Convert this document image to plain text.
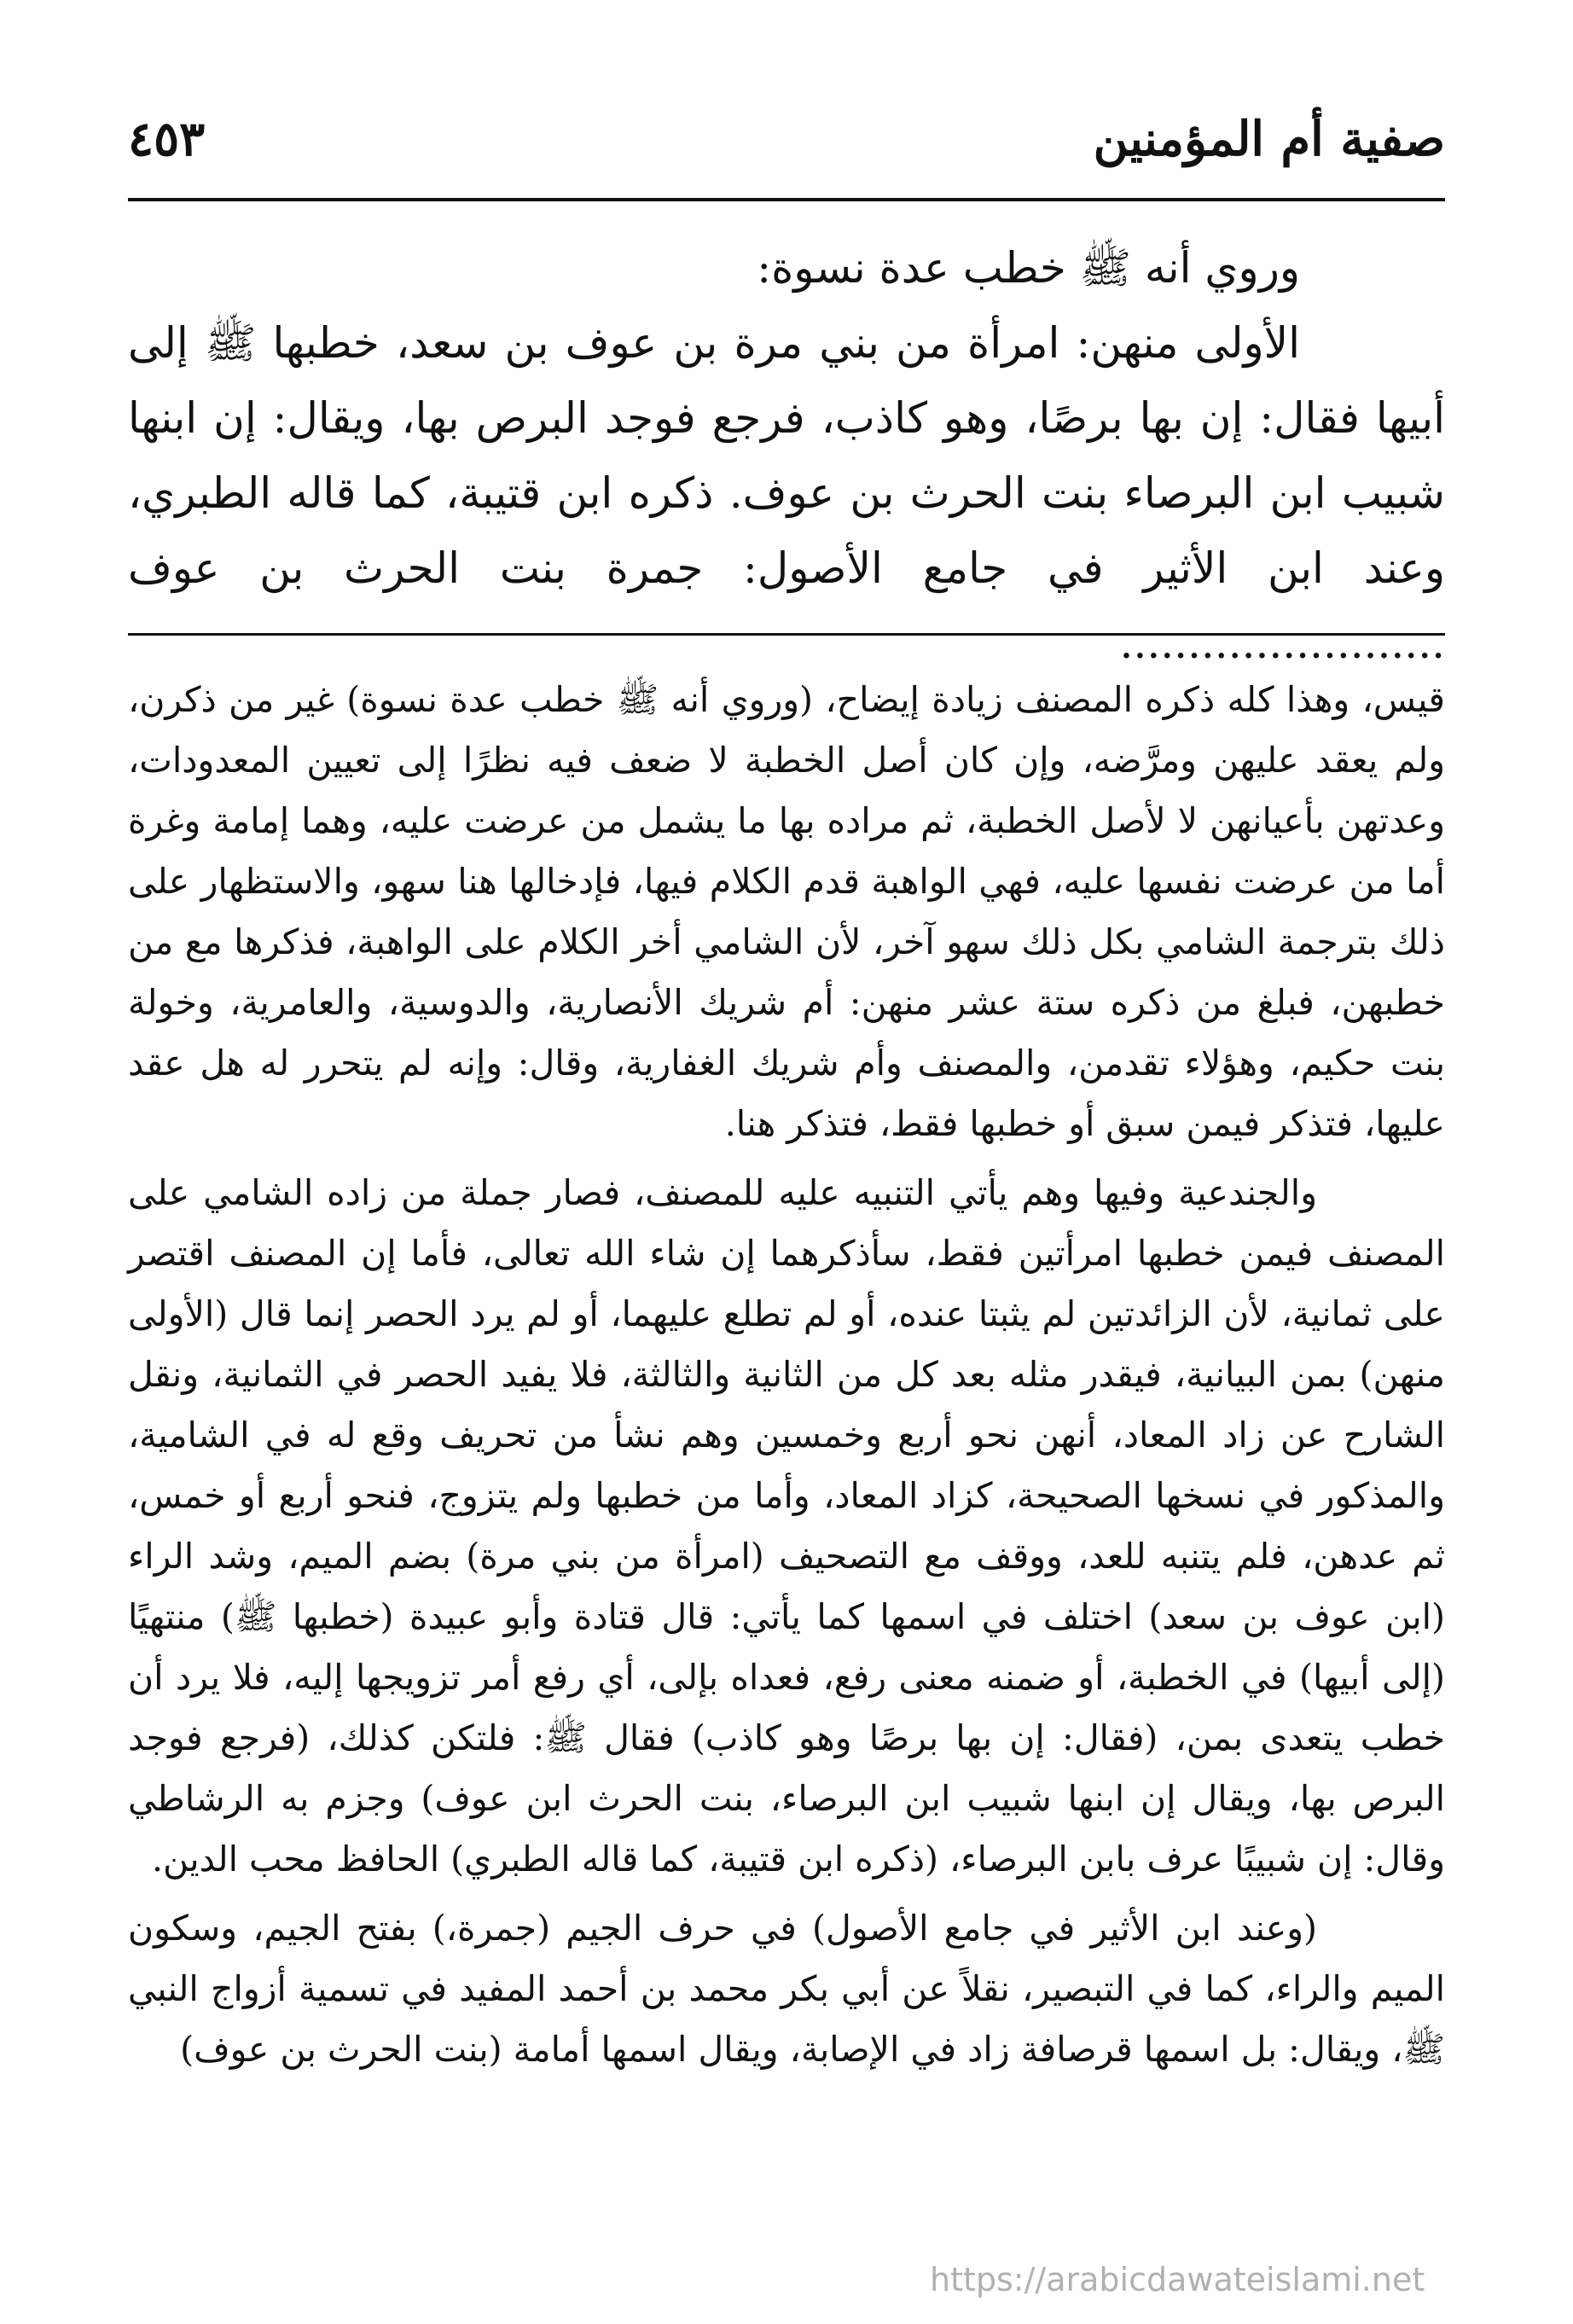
صفية أم المؤمنين
٤٥٣

وروي أنه ﷺ خطب عدة نسوة:

الأولى منهن: امرأة من بني مرة بن عوف بن سعد، خطبها ﷺ إلى أبيها فقال: إن بها برصًا، وهو كاذب، فرجع فوجد البرص بها، ويقال: إن ابنها شبيب ابن البرصاء بنت الحرث بن عوف. ذكره ابن قتيبة، كما قاله الطبري، وعند ابن الأثير في جامع الأصول: جمرة بنت الحرث بن عوف ........................

قيس، وهذا كله ذكره المصنف زيادة إيضاح، (وروي أنه ﷺ خطب عدة نسوة) غير من ذكرن، ولم يعقد عليهن ومرَّضه، وإن كان أصل الخطبة لا ضعف فيه نظرًا إلى تعيين المعدودات، وعدتهن بأعيانهن لا لأصل الخطبة، ثم مراده بها ما يشمل من عرضت عليه، وهما إمامة وغرة أما من عرضت نفسها عليه، فهي الواهبة قدم الكلام فيها، فإدخالها هنا سهو، والاستظهار على ذلك بترجمة الشامي بكل ذلك سهو آخر، لأن الشامي أخر الكلام على الواهبة، فذكرها مع من خطبهن، فبلغ من ذكره ستة عشر منهن: أم شريك الأنصارية، والدوسية، والعامرية، وخولة بنت حكيم، وهؤلاء تقدمن، والمصنف وأم شريك الغفارية، وقال: وإنه لم يتحرر له هل عقد عليها، فتذكر فيمن سبق أو خطبها فقط، فتذكر هنا.

والجندعية وفيها وهم يأتي التنبيه عليه للمصنف، فصار جملة من زاده الشامي على المصنف فيمن خطبها امرأتين فقط، سأذكرهما إن شاء الله تعالى، فأما إن المصنف اقتصر على ثمانية، لأن الزائدتين لم يثبتا عنده، أو لم تطلع عليهما، أو لم يرد الحصر إنما قال (الأولى منهن) بمن البيانية، فيقدر مثله بعد كل من الثانية والثالثة، فلا يفيد الحصر في الثمانية، ونقل الشارح عن زاد المعاد، أنهن نحو أربع وخمسين وهم نشأ من تحريف وقع له في الشامية، والمذكور في نسخها الصحيحة، كزاد المعاد، وأما من خطبها ولم يتزوج، فنحو أربع أو خمس، ثم عدهن، فلم يتنبه للعد، ووقف مع التصحيف (امرأة من بني مرة) بضم الميم، وشد الراء (ابن عوف بن سعد) اختلف في اسمها كما يأتي: قال قتادة وأبو عبيدة (خطبها ﷺ) منتهيًا (إلى أبيها) في الخطبة، أو ضمنه معنى رفع، فعداه بإلى، أي رفع أمر تزويجها إليه، فلا يرد أن خطب يتعدى بمن، (فقال: إن بها برصًا وهو كاذب) فقال ﷺ: فلتكن كذلك، (فرجع فوجد البرص بها، ويقال إن ابنها شبيب ابن البرصاء، بنت الحرث ابن عوف) وجزم به الرشاطي وقال: إن شبيبًا عرف بابن البرصاء، (ذكره ابن قتيبة، كما قاله الطبري) الحافظ محب الدين.

(وعند ابن الأثير في جامع الأصول) في حرف الجيم (جمرة،) بفتح الجيم، وسكون الميم والراء، كما في التبصير، نقلاً عن أبي بكر محمد بن أحمد المفيد في تسمية أزواج النبي ﷺ، ويقال: بل اسمها قرصافة زاد في الإصابة، ويقال اسمها أمامة (بنت الحرث بن عوف)

https://arabicdawateislami.net
